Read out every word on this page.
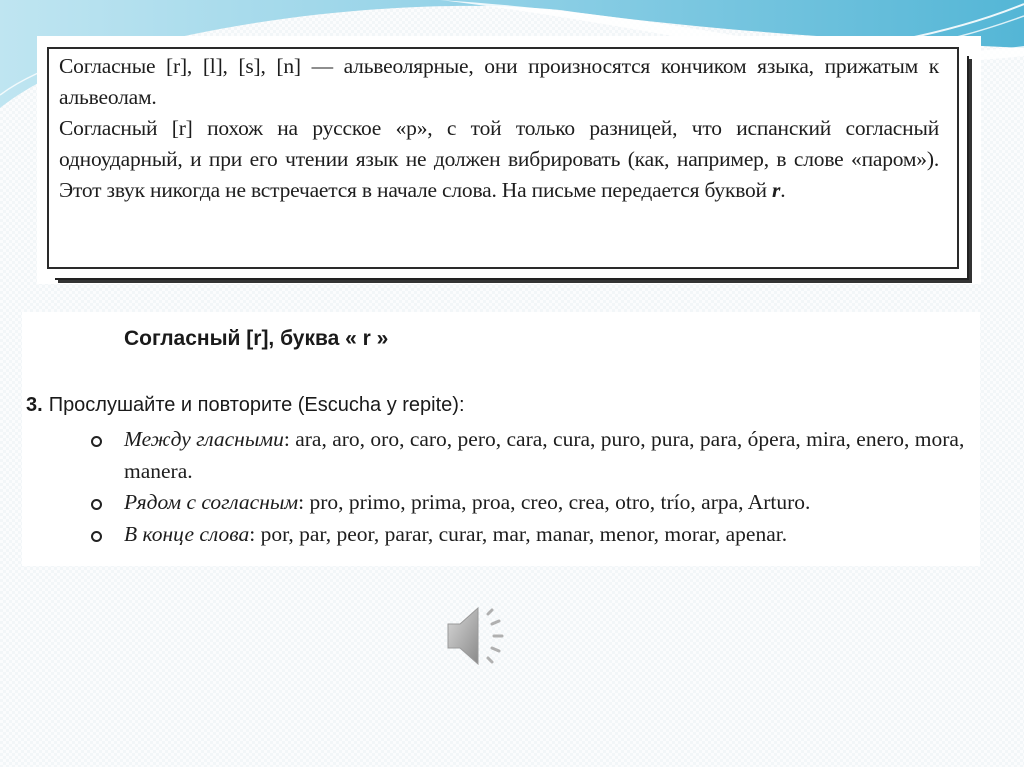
Согласные [r], [l], [s], [n] — альвеолярные, они произносятся кончиком языка, прижатым к альвеолам.

Согласный [r] похож на русское «р», с той только разницей, что испанский согласный одноударный, и при его чтении язык не должен вибрировать (как, например, в слове «паром»). Этот звук никогда не встречается в начале слова. На письме передается буквой r.

Согласный [r], буква « r »
3. Прослушайте и повторите (Escucha y repite):
Между гласными: ara, aro, oro, caro, pero, cara, cura, puro, pura, para, ópera, mira, enero, mora, manera.
Рядом с согласным: pro, primo, prima, proa, creo, crea, otro, trío, arpa, Arturo.
В конце слова: por, par, peor, parar, curar, mar, manar, menor, morar, apenar.
